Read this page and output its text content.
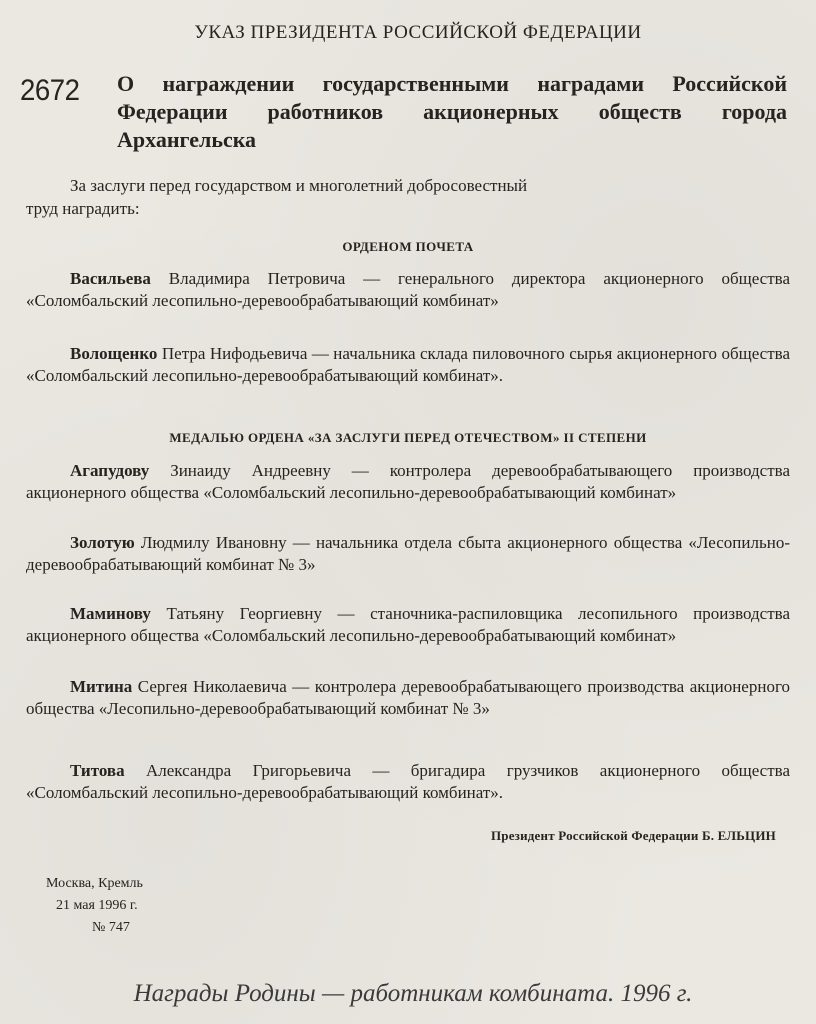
УКАЗ ПРЕЗИДЕНТА РОССИЙСКОЙ ФЕДЕРАЦИИ
2672 О награждении государственными наградами Российской Федерации работников акционерных обществ города Архангельска
За заслуги перед государством и многолетний добросовестный
труд наградить:
ОРДЕНОМ ПОЧЕТА

Васильева Владимира Петровича — генерального директора акционерного общества «Соломбальский лесопильно-деревообрабатывающий комбинат»

Волощенко Петра Нифодьевича — начальника склада пиловочного сырья акционерного общества «Соломбальский лесопильно-деревообрабатывающий комбинат».

МЕДАЛЬЮ ОРДЕНА «ЗА ЗАСЛУГИ ПЕРЕД ОТЕЧЕСТВОМ» II СТЕПЕНИ

Агапудову Зинаиду Андреевну — контролера деревообрабатывающего производства акционерного общества «Соломбальский лесопильно-деревообрабатывающий комбинат»

Золотую Людмилу Ивановну — начальника отдела сбыта акционерного общества «Лесопильно-деревообрабатывающий комбинат № 3»

Маминову Татьяну Георгиевну — станочника-распиловщика лесопильного производства акционерного общества «Соломбальский лесопильно-деревообрабатывающий комбинат»

Митина Сергея Николаевича — контролера деревообрабатывающего производства акционерного общества «Лесопильно-деревообрабатывающий комбинат № 3»

Титова Александра Григорьевича — бригадира грузчиков акционерного общества «Соломбальский лесопильно-деревообрабатывающий комбинат».

Президент Российской Федерации Б. ЕЛЬЦИН
Москва, Кремль
21 мая 1996 г.
№ 747
Награды Родины — работникам комбината. 1996 г.
